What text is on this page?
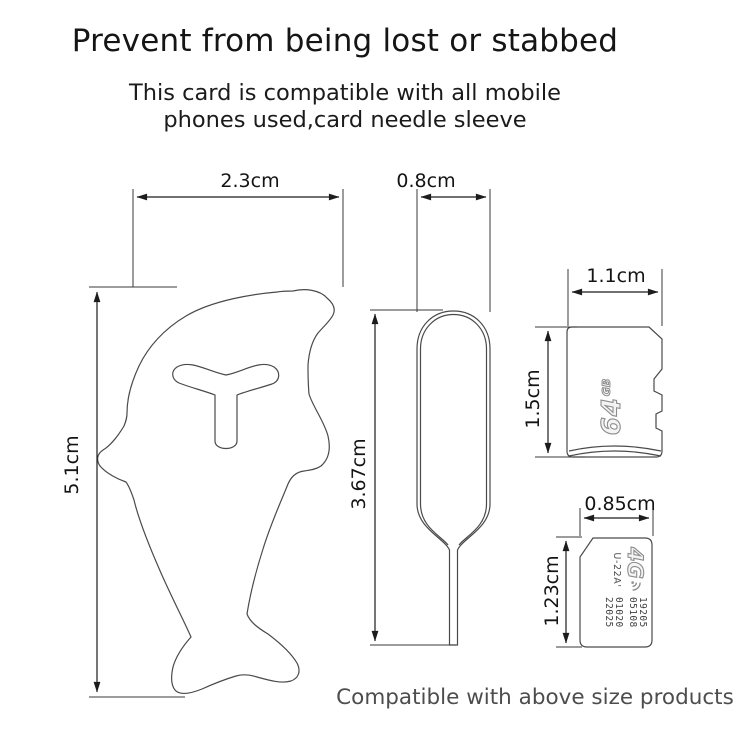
Prevent from being lost or stabbed
This card is compatible with all mobile
phones used,card needle sleeve
2.3cm	0.8cm
5.1cm	3.67cm
1.1cm
1.5cm
0.85cm
1.23cm
$64^{GB}$
4G
U-22A'
19205
05108
01020
22025
Compatible with above size products
